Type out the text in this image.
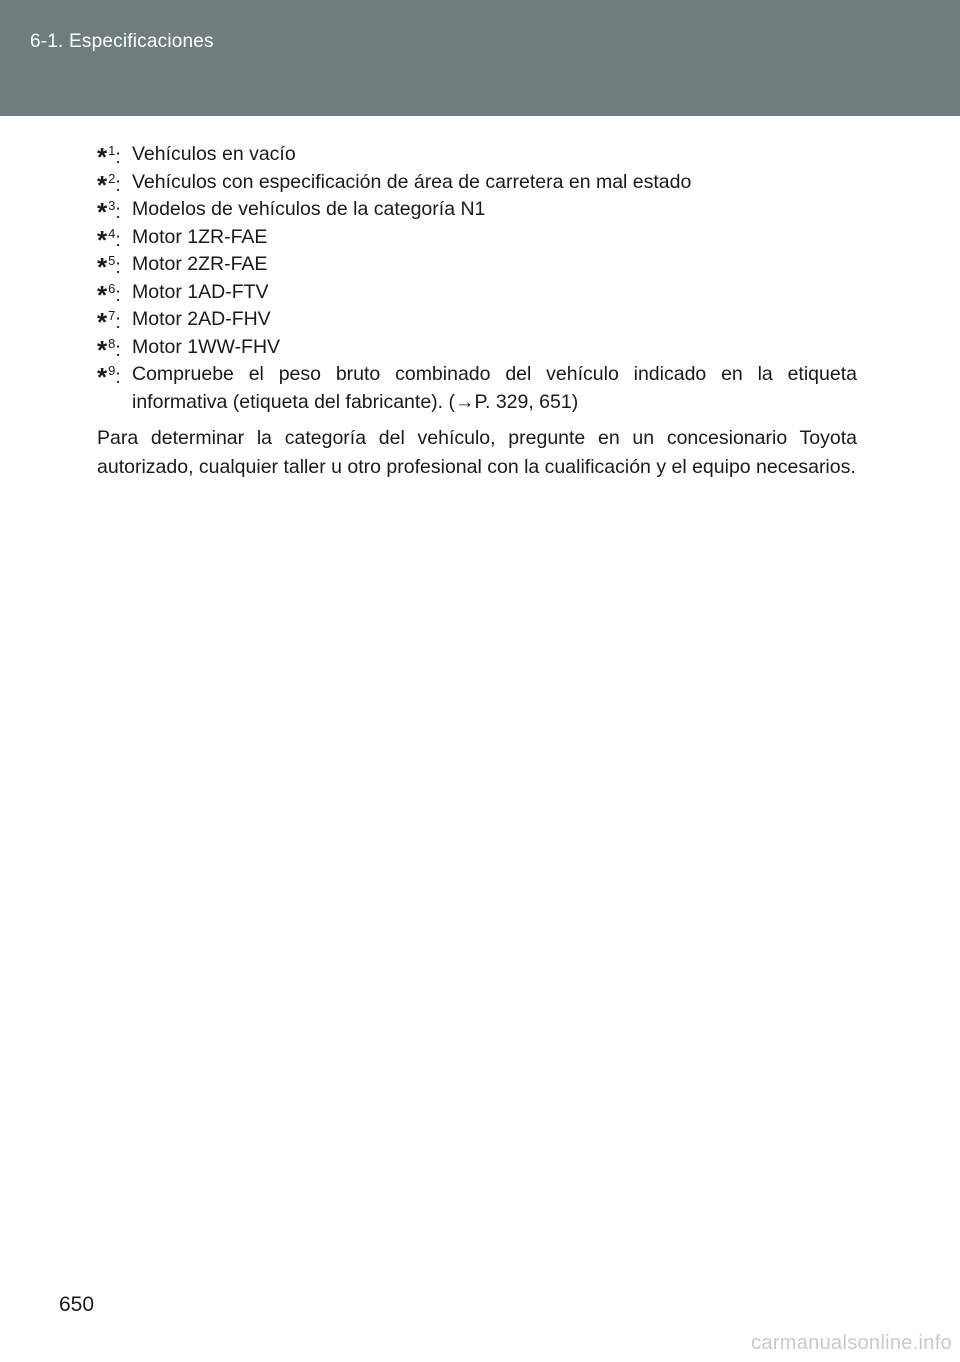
6-1. Especificaciones
*$^1$: Vehículos en vacío
*$^2$: Vehículos con especificación de área de carretera en mal estado
*$^3$: Modelos de vehículos de la categoría N1
*$^4$: Motor 1ZR-FAE
*$^5$: Motor 2ZR-FAE
*$^6$: Motor 1AD-FTV
*$^7$: Motor 2AD-FHV
*$^8$: Motor 1WW-FHV
*$^9$: Compruebe el peso bruto combinado del vehículo indicado en la etiqueta informativa (etiqueta del fabricante). (→P. 329, 651)
Para determinar la categoría del vehículo, pregunte en un concesionario Toyota autorizado, cualquier taller u otro profesional con la cualificación y el equipo necesarios.
650
carmanualsonline.info
